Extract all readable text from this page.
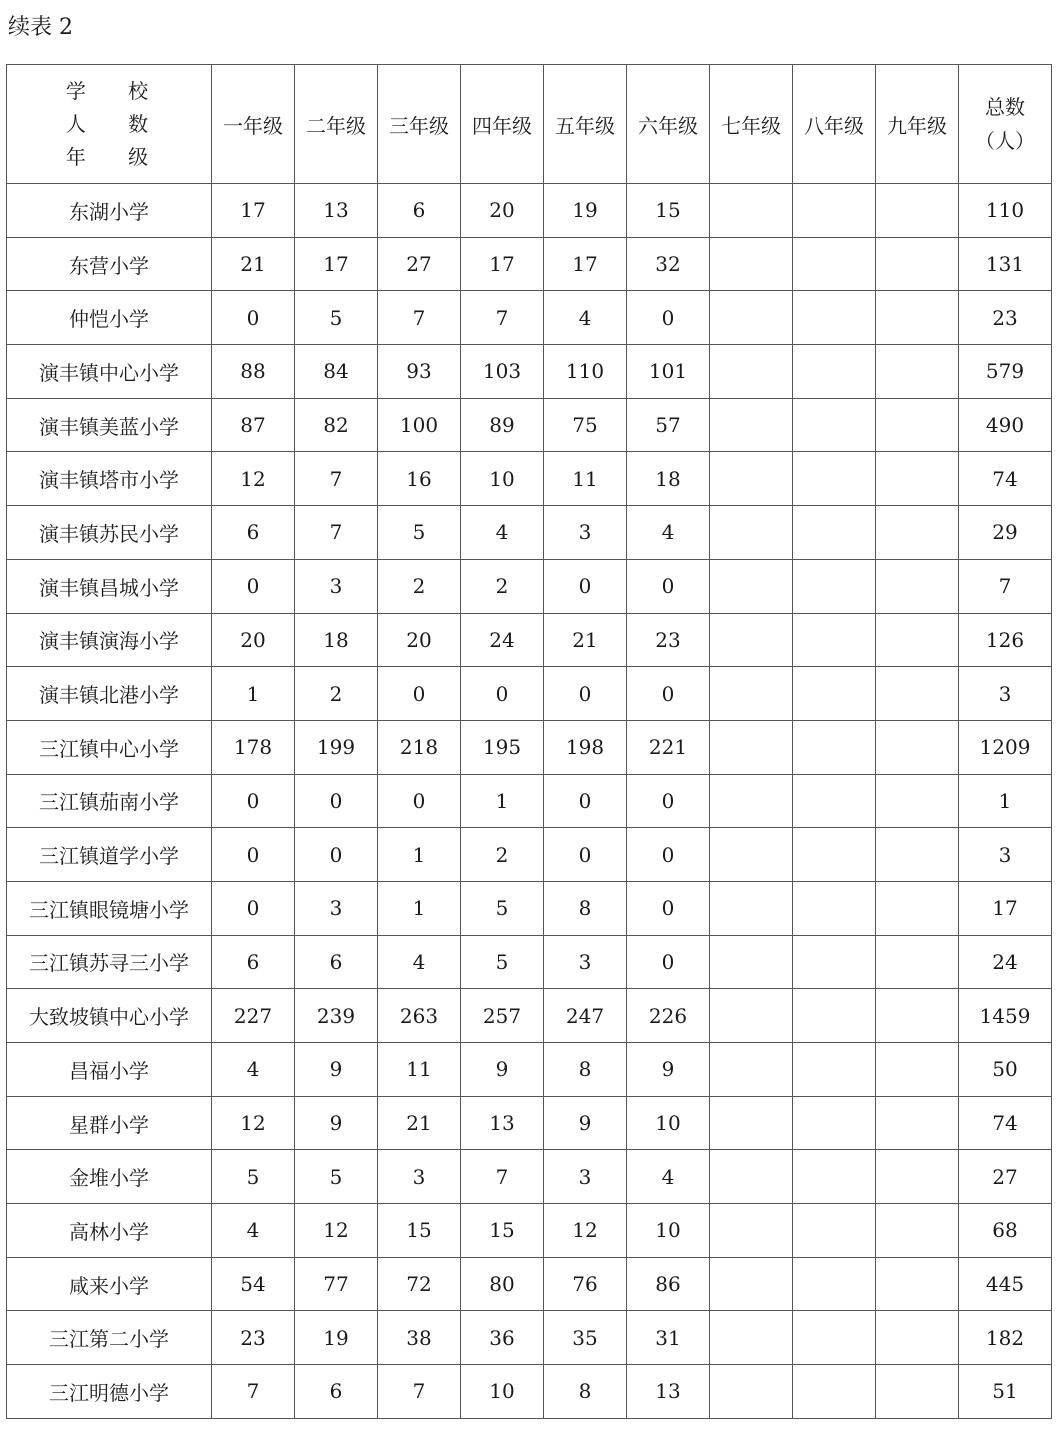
续表 2
学 校
人 数
年 级	一年级	二年级	三年级	四年级	五年级	六年级	七年级	八年级	九年级	总数
（人）

东湖小学	17	13	6	20	19	15				110
东营小学	21	17	27	17	17	32				131
仲恺小学	0	5	7	7	4	0				23
演丰镇中心小学	88	84	93	103	110	101				579
演丰镇美蓝小学	87	82	100	89	75	57				490
演丰镇塔市小学	12	7	16	10	11	18				74
演丰镇苏民小学	6	7	5	4	3	4				29
演丰镇昌城小学	0	3	2	2	0	0				7
演丰镇演海小学	20	18	20	24	21	23				126
演丰镇北港小学	1	2	0	0	0	0				3
三江镇中心小学	178	199	218	195	198	221				1209
三江镇茄南小学	0	0	0	1	0	0				1
三江镇道学小学	0	0	1	2	0	0				3
三江镇眼镜塘小学	0	3	1	5	8	0				17
三江镇苏寻三小学	6	6	4	5	3	0				24
大致坡镇中心小学	227	239	263	257	247	226				1459
昌福小学	4	9	11	9	8	9				50
星群小学	12	9	21	13	9	10				74
金堆小学	5	5	3	7	3	4				27
高林小学	4	12	15	15	12	10				68
咸来小学	54	77	72	80	76	86				445
三江第二小学	23	19	38	36	35	31				182
三江明德小学	7	6	7	10	8	13				51
